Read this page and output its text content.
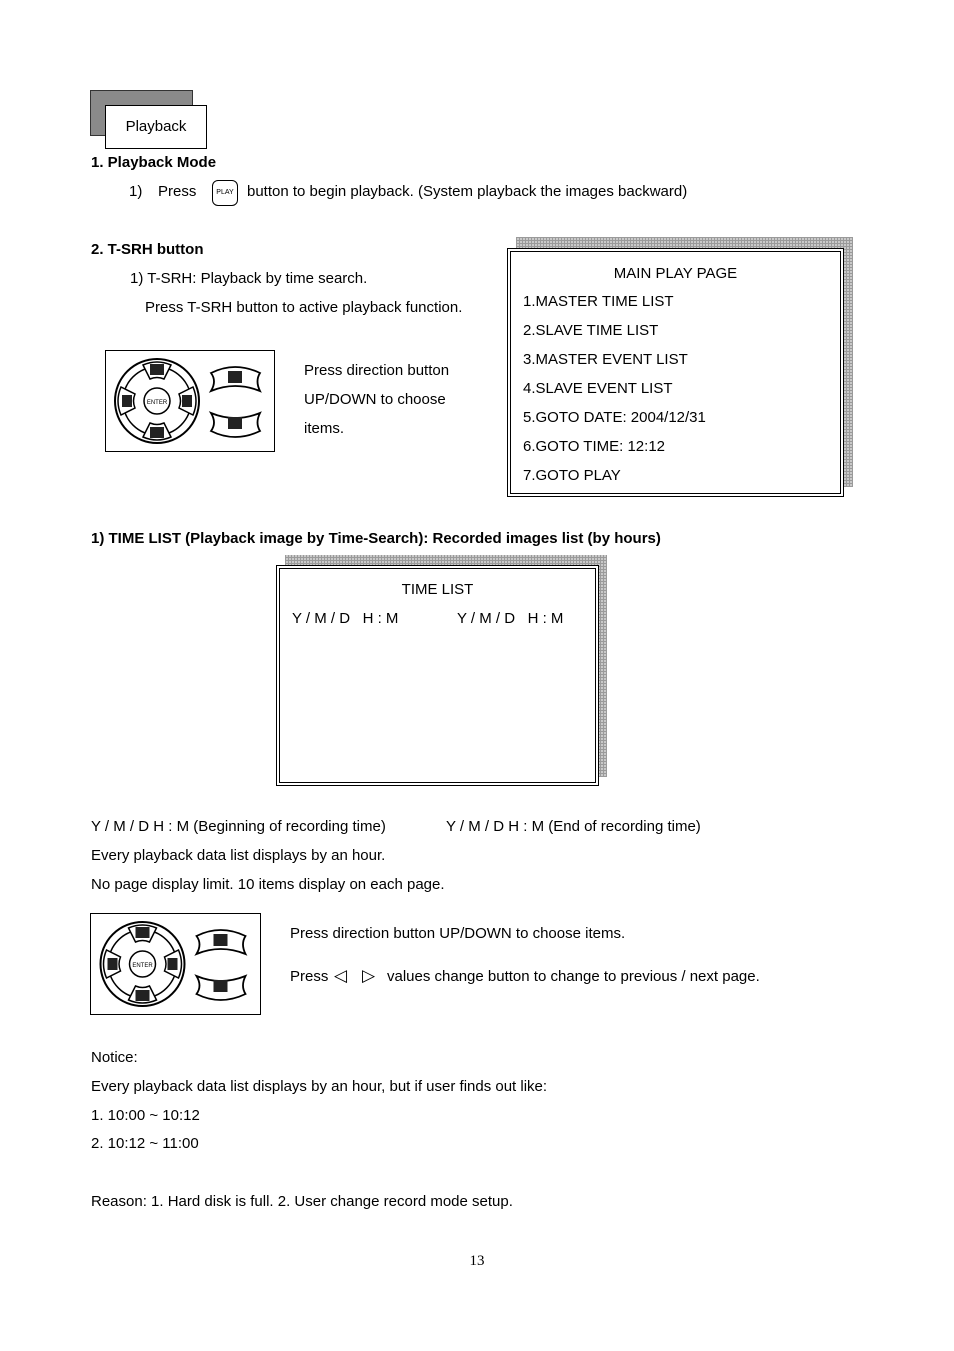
Playback
1. Playback Mode
1) Press	PLAY button to begin playback. (System playback the images backward)
2. T-SRH button
1) T-SRH: Playback by time search.
Press T-SRH button to active playback function.
ENTER
Press direction button
UP/DOWN to choose
items.
MAIN PLAY PAGE
1.MASTER TIME LIST
2.SLAVE TIME LIST
3.MASTER EVENT LIST
4.SLAVE EVENT LIST
5.GOTO DATE: 2004/12/31
6.GOTO TIME: 12:12
7.GOTO PLAY
1) TIME LIST (Playback image by Time-Search): Recorded images list (by hours)
TIME LIST
Y / M / D   H : M	Y / M / D   H : M
Y / M / D H : M (Beginning of recording time)	Y / M / D H : M (End of recording time)
Every playback data list displays by an hour.
No page display limit. 10 items display on each page.
ENTER
Press direction button UP/DOWN to choose items.
Press ◁ ▷ values change button to change to previous / next page.
Notice:
Every playback data list displays by an hour, but if user finds out like:
1. 10:00 ~ 10:12
2. 10:12 ~ 11:00
Reason: 1. Hard disk is full. 2. User change record mode setup.
13
